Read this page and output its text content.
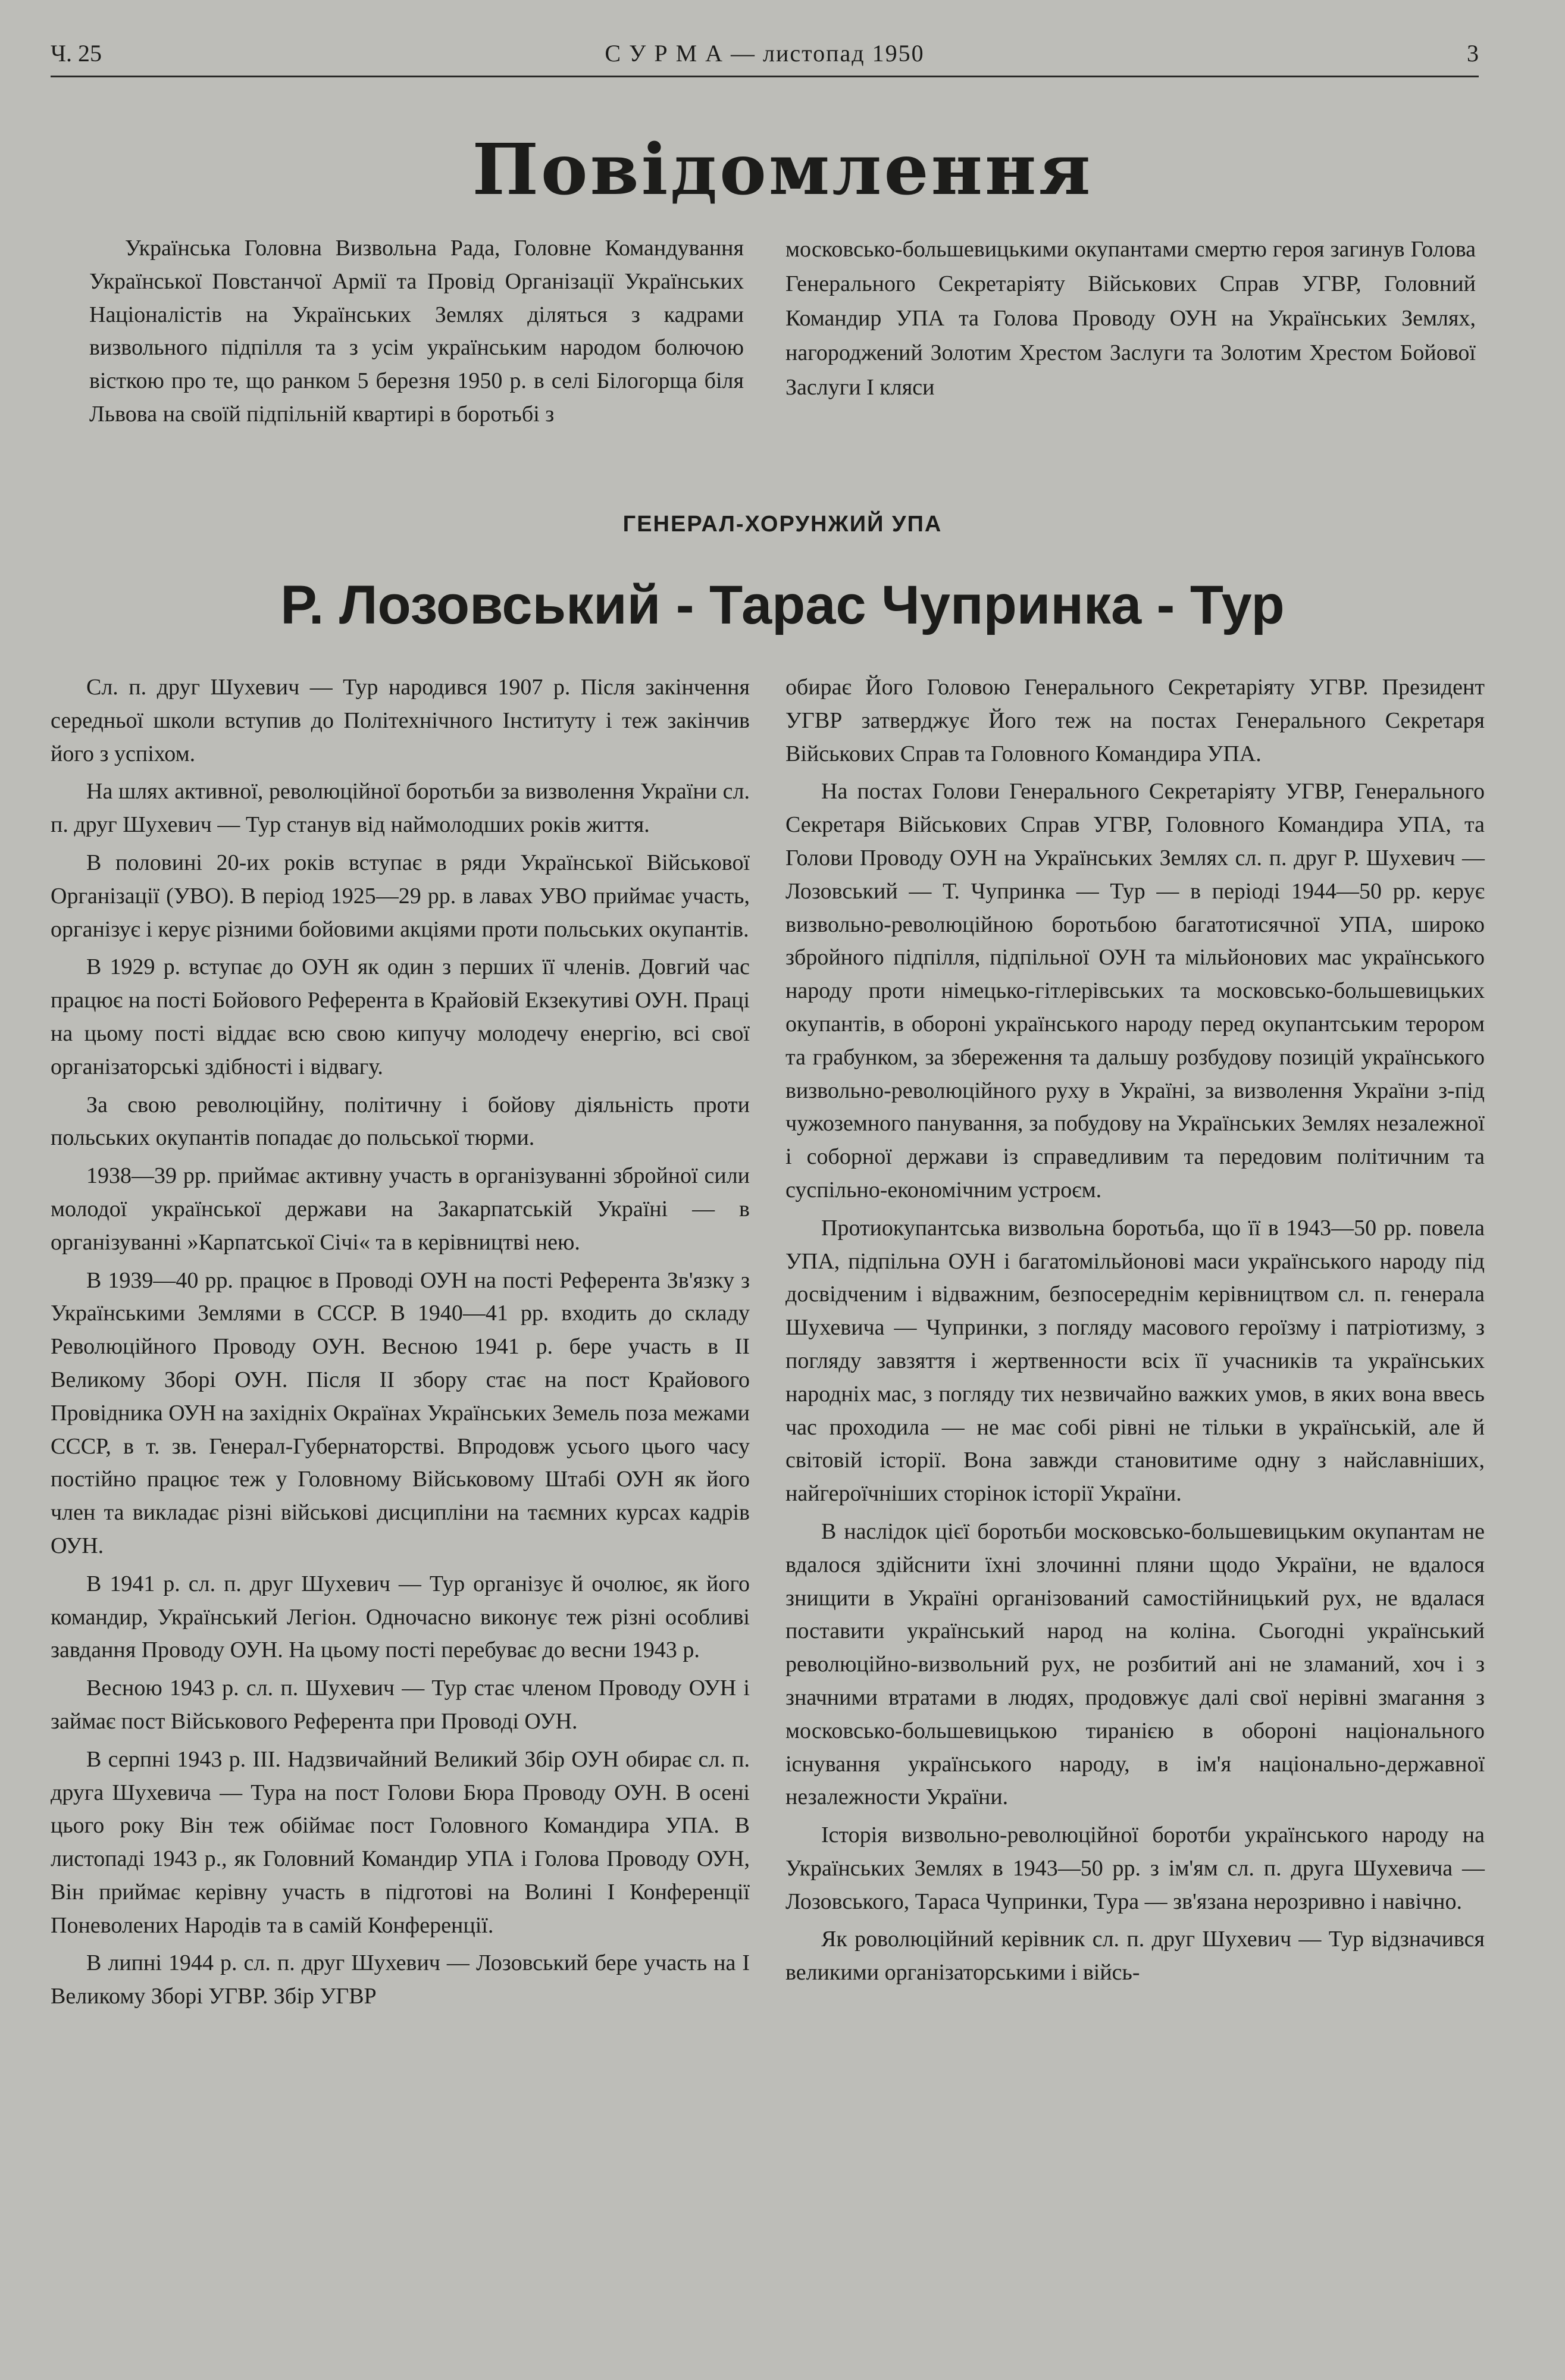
Ч. 25	С У Р М А — листопад 1950	3
Повідомлення

Українська Головна Визвольна Рада, Головне Командування Української Повстанчої Армії та Провід Організації Українських Націоналістів на Українських Землях діляться з кадрами визвольного підпілля та з усім українським народом болючою вісткою про те, що ранком 5 березня 1950 р. в селі Білогорща біля Львова на своїй підпільній квартирі в боротьбі з

московсько-большевицькими окупантами смертю героя загинув Голова Генерального Секретаріяту Військових Справ УГВР, Головний Командир УПА та Голова Проводу ОУН на Українських Землях, нагороджений Золотим Хрестом Заслуги та Золотим Хрестом Бойової Заслуги I кляси

ГЕНЕРАЛ-ХОРУНЖИЙ УПА
Р. Лозовський - Тарас Чупринка - Тур

Сл. п. друг Шухевич — Тур народився 1907 р. Після закінчення середньої школи вступив до Політехнічного Інституту і теж закінчив його з успіхом.

На шлях активної, революційної боротьби за визволення України сл. п. друг Шухевич — Тур станув від наймолодших років життя.

В половині 20-их років вступає в ряди Української Військової Організації (УВО). В період 1925—29 рр. в лавах УВО приймає участь, організує і керує різними бойовими акціями проти польських окупантів.

В 1929 р. вступає до ОУН як один з перших її членів. Довгий час працює на пості Бойового Референта в Крайовій Екзекутиві ОУН. Праці на цьому пості віддає всю свою кипучу молодечу енергію, всі свої організаторські здібності і відвагу.

За свою революційну, політичну і бойову діяльність проти польських окупантів попадає до польської тюрми.

1938—39 рр. приймає активну участь в організуванні збройної сили молодої української держави на Закарпатській Україні — в організуванні »Карпатської Січі« та в керівництві нею.

В 1939—40 рр. працює в Проводі ОУН на пості Референта Зв'язку з Українськими Землями в СССР. В 1940—41 рр. входить до складу Революційного Проводу ОУН. Весною 1941 р. бере участь в II Великому Зборі ОУН. Після II збору стає на пост Крайового Провідника ОУН на західніх Окраїнах Українських Земель поза межами СССР, в т. зв. Генерал-Губернаторстві. Впродовж усього цього часу постійно працює теж у Головному Військовому Штабі ОУН як його член та викладає різні військові дисципліни на таємних курсах кадрів ОУН.

В 1941 р. сл. п. друг Шухевич — Тур організує й очолює, як його командир, Український Легіон. Одночасно виконує теж різні особливі завдання Проводу ОУН. На цьому пості перебуває до весни 1943 р.

Весною 1943 р. сл. п. Шухевич — Тур стає членом Проводу ОУН і займає пост Військового Референта при Проводі ОУН.

В серпні 1943 р. III. Надзвичайний Великий Збір ОУН обирає сл. п. друга Шухевича — Тура на пост Голови Бюра Проводу ОУН. В осені цього року Він теж обіймає пост Головного Командира УПА. В листопаді 1943 р., як Головний Командир УПА і Голова Проводу ОУН, Він приймає керівну участь в підготові на Волині I Конференції Поневолених Народів та в самій Конференції.

В липні 1944 р. сл. п. друг Шухевич — Лозовський бере участь на I Великому Зборі УГВР. Збір УГВР

обирає Його Головою Генерального Секретаріяту УГВР. Президент УГВР затверджує Його теж на постах Генерального Секретаря Військових Справ та Головного Командира УПА.

На постах Голови Генерального Секретаріяту УГВР, Генерального Секретаря Військових Справ УГВР, Головного Командира УПА, та Голови Проводу ОУН на Українських Землях сл. п. друг Р. Шухевич — Лозовський — Т. Чупринка — Тур — в періоді 1944—50 рр. керує визвольно-революційною боротьбою багатотисячної УПА, широко збройного підпілля, підпільної ОУН та мільйонових мас українського народу проти німецько-гітлерівських та московсько-большевицьких окупантів, в обороні українського народу перед окупантським терором та грабунком, за збереження та дальшу розбудову позицій українського визвольно-революційного руху в Україні, за визволення України з-під чужоземного панування, за побудову на Українських Землях незалежної і соборної держави із справедливим та передовим політичним та суспільно-економічним устроєм.

Протиокупантська визвольна боротьба, що її в 1943—50 рр. повела УПА, підпільна ОУН і багатомільйонові маси українського народу під досвідченим і відважним, безпосереднім керівництвом сл. п. генерала Шухевича — Чупринки, з погляду масового героїзму і патріотизму, з погляду завзяття і жертвенности всіх її учасників та українських народніх мас, з погляду тих незвичайно важких умов, в яких вона ввесь час проходила — не має собі рівні не тільки в українській, але й світовій історії. Вона завжди становитиме одну з найславніших, найгероїчніших сторінок історії України.

В наслідок цієї боротьби московсько-большевицьким окупантам не вдалося здійснити їхні злочинні пляни щодо України, не вдалося знищити в Україні організований самостійницький рух, не вдалася поставити український народ на коліна. Сьогодні український революційно-визвольний рух, не розбитий ані не зламаний, хоч і з значними втратами в людях, продовжує далі свої нерівні змагання з московсько-большевицькою тиранією в обороні національного існування українського народу, в ім'я національно-державної незалежности України.

Історія визвольно-революційної боротби українського народу на Українських Землях в 1943—50 рр. з ім'ям сл. п. друга Шухевича — Лозовського, Тараса Чупринки, Тура — зв'язана нерозривно і навічно.

Як роволюційний керівник сл. п. друг Шухевич — Тур відзначився великими організаторськими і війсь-
